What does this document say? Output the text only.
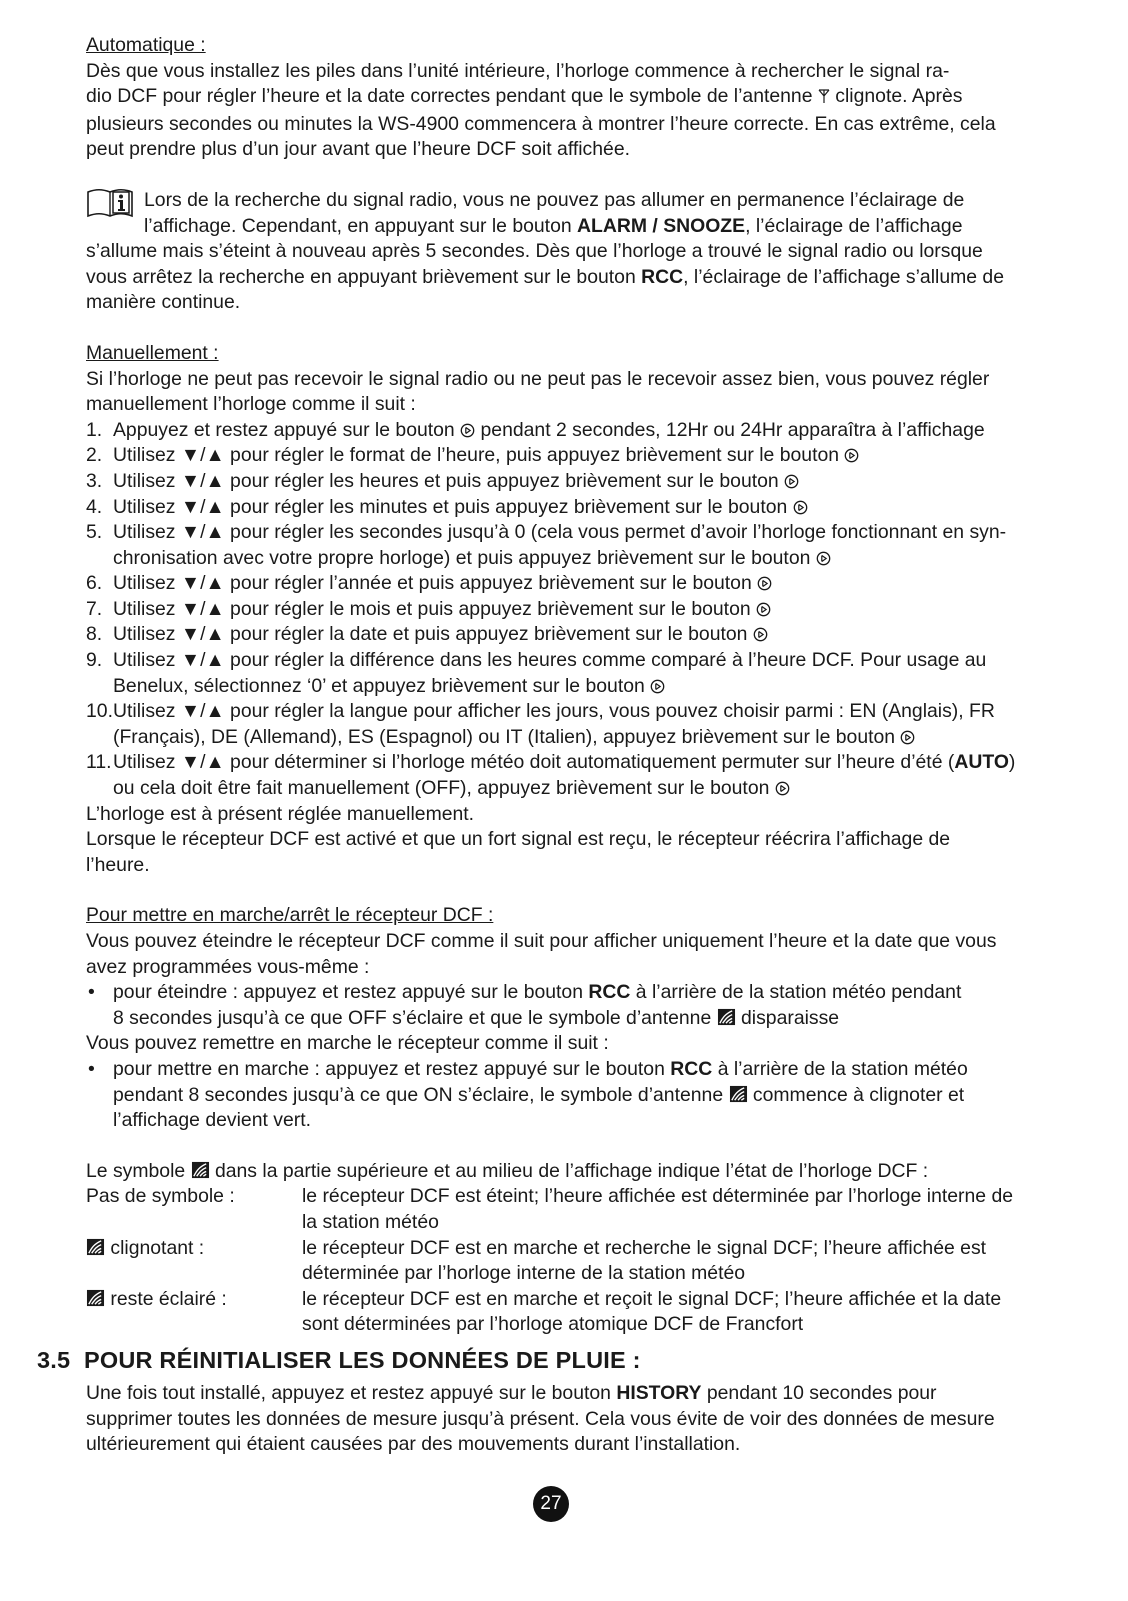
Automatique :

Dès que vous installez les piles dans l’unité intérieure, l’horloge commence à rechercher le signal ra-

dio DCF pour régler l’heure et la date correctes pendant que le symbole de l’antenne clignote. Après

plusieurs secondes ou minutes la WS-4900 commencera à montrer l’heure correcte. En cas extrême, cela

peut prendre plus d’un jour avant que l’heure DCF soit affichée.

Lors de la recherche du signal radio, vous ne pouvez pas allumer en permanence l’éclairage de

l’affichage. Cependant, en appuyant sur le bouton ALARM / SNOOZE, l’éclairage de l’affichage

s’allume mais s’éteint à nouveau après 5 secondes. Dès que l’horloge a trouvé le signal radio ou lorsque

vous arrêtez la recherche en appuyant brièvement sur le bouton RCC, l’éclairage de l’affichage s’allume de

manière continue.

Manuellement :

Si l’horloge ne peut pas recevoir le signal radio ou ne peut pas le recevoir assez bien, vous pouvez régler

manuellement l’horloge comme il suit :

1. Appuyez et restez appuyé sur le bouton pendant 2 secondes, 12Hr ou 24Hr apparaîtra à l’affichage
2. Utilisez ▼/▲ pour régler le format de l’heure, puis appuyez brièvement sur le bouton
3. Utilisez ▼/▲ pour régler les heures et puis appuyez brièvement sur le bouton
4. Utilisez ▼/▲ pour régler les minutes et puis appuyez brièvement sur le bouton
5. Utilisez ▼/▲ pour régler les secondes jusqu’à 0 (cela vous permet d’avoir l’horloge fonctionnant en syn-
chronisation avec votre propre horloge) et puis appuyez brièvement sur le bouton
6. Utilisez ▼/▲ pour régler l’année et puis appuyez brièvement sur le bouton
7. Utilisez ▼/▲ pour régler le mois et puis appuyez brièvement sur le bouton
8. Utilisez ▼/▲ pour régler la date et puis appuyez brièvement sur le bouton
9. Utilisez ▼/▲ pour régler la différence dans les heures comme comparé à l’heure DCF. Pour usage au
Benelux, sélectionnez ‘0’ et appuyez brièvement sur le bouton
10. Utilisez ▼/▲ pour régler la langue pour afficher les jours, vous pouvez choisir parmi : EN (Anglais), FR
(Français), DE (Allemand), ES (Espagnol) ou IT (Italien), appuyez brièvement sur le bouton
11. Utilisez ▼/▲ pour déterminer si l’horloge météo doit automatiquement permuter sur l’heure d’été (AUTO)
ou cela doit être fait manuellement (OFF), appuyez brièvement sur le bouton

L’horloge est à présent réglée manuellement.

Lorsque le récepteur DCF est activé et que un fort signal est reçu, le récepteur réécrira l’affichage de

l’heure.

Pour mettre en marche/arrêt le récepteur DCF :

Vous pouvez éteindre le récepteur DCF comme il suit pour afficher uniquement l’heure et la date que vous

avez programmées vous-même :

• pour éteindre : appuyez et restez appuyé sur le bouton RCC à l’arrière de la station météo pendant
8 secondes jusqu’à ce que OFF s’éclaire et que le symbole d’antenne disparaisse

Vous pouvez remettre en marche le récepteur comme il suit :

• pour mettre en marche : appuyez et restez appuyé sur le bouton RCC à l’arrière de la station météo
pendant 8 secondes jusqu’à ce que ON s’éclaire, le symbole d’antenne commence à clignoter et
l’affichage devient vert.

Le symbole dans la partie supérieure et au milieu de l’affichage indique l’état de l’horloge DCF :

Pas de symbole :	le récepteur DCF est éteint; l’heure affichée est déterminée par l’horloge interne de
la station météo
clignotant :	le récepteur DCF est en marche et recherche le signal DCF; l’heure affichée est
déterminée par l’horloge interne de la station météo
reste éclairé :	le récepteur DCF est en marche et reçoit le signal DCF; l’heure affichée et la date
sont déterminées par l’horloge atomique DCF de Francfort
3.5 POUR RÉINITIALISER LES DONNÉES DE PLUIE :

Une fois tout installé, appuyez et restez appuyé sur le bouton HISTORY pendant 10 secondes pour

supprimer toutes les données de mesure jusqu’à présent. Cela vous évite de voir des données de mesure

ultérieurement qui étaient causées par des mouvements durant l’installation.

27
